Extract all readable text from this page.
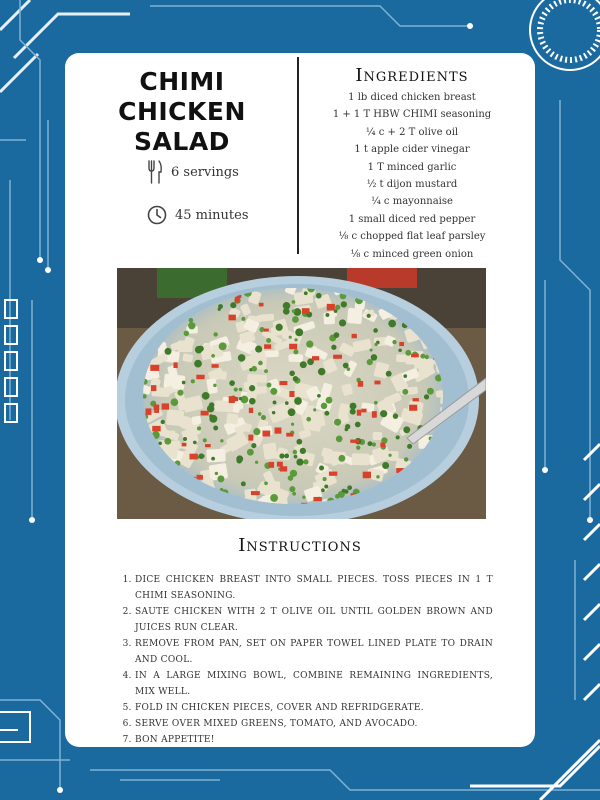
CHIMI CHICKEN
SALAD
6 servings
45 minutes
Ingredients
1 lb diced chicken breast
1 + 1 T HBW CHIMI seasoning
¼ c + 2 T olive oil
1 t apple cider vinegar
1 T minced garlic
½ t dijon mustard
¼ c mayonnaise
1 small diced red pepper
⅛ c chopped flat leaf parsley
⅛ c minced green onion
Instructions
1. DICE CHICKEN BREAST INTO SMALL PIECES. TOSS PIECES IN 1 T CHIMI SEASONING.
2. SAUTE CHICKEN WITH 2 T OLIVE OIL UNTIL GOLDEN BROWN AND JUICES RUN CLEAR.
3. REMOVE FROM PAN, SET ON PAPER TOWEL LINED PLATE TO DRAIN AND COOL.
4. IN A LARGE MIXING BOWL, COMBINE REMAINING INGREDIENTS, MIX WELL.
5. FOLD IN CHICKEN PIECES, COVER AND REFRIDGERATE.
6. SERVE OVER MIXED GREENS, TOMATO, AND AVOCADO.
7. BON APPETITE!
